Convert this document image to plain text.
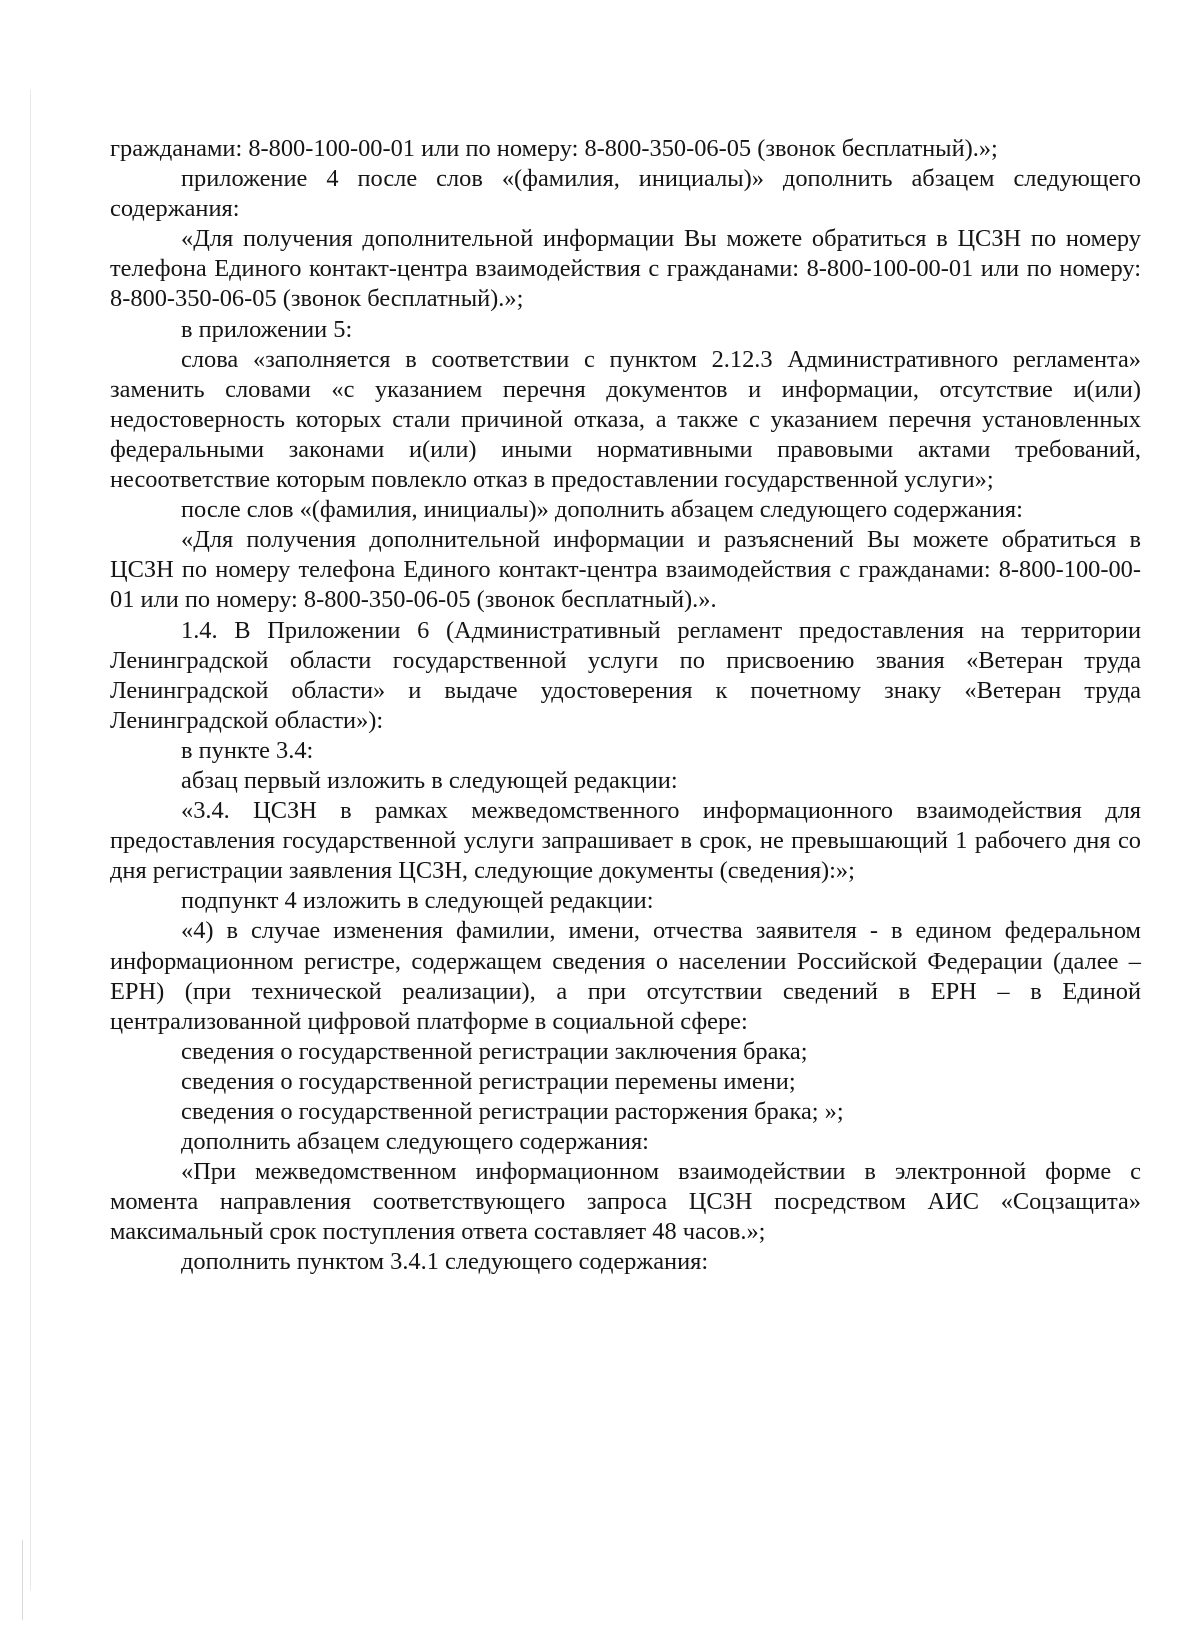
гражданами: 8-800-100-00-01 или по номеру: 8-800-350-06-05 (звонок бесплатный).»;

приложение 4 после слов «(фамилия, инициалы)» дополнить абзацем следующего содержания:

«Для получения дополнительной информации Вы можете обратиться в ЦСЗН по номеру телефона Единого контакт-центра взаимодействия с гражданами: 8-800-100-00-01 или по номеру: 8-800-350-06-05 (звонок бесплатный).»;

в приложении 5:

слова «заполняется в соответствии с пунктом 2.12.3 Административного регламента» заменить словами «с указанием перечня документов и информации, отсутствие и(или) недостоверность которых стали причиной отказа, а также с указанием перечня установленных федеральными законами и(или) иными нормативными правовыми актами требований, несоответствие которым повлекло отказ в предоставлении государственной услуги»;

после слов «(фамилия, инициалы)» дополнить абзацем следующего содержания:

«Для получения дополнительной информации и разъяснений Вы можете обратиться в ЦСЗН по номеру телефона Единого контакт-центра взаимодействия с гражданами: 8-800-100-00-01 или по номеру: 8-800-350-06-05 (звонок бесплатный).».

1.4. В Приложении 6 (Административный регламент предоставления на территории Ленинградской области государственной услуги по присвоению звания «Ветеран труда Ленинградской области» и выдаче удостоверения к почетному знаку «Ветеран труда Ленинградской области»):

в пункте 3.4:

абзац первый изложить в следующей редакции:

«3.4. ЦСЗН в рамках межведомственного информационного взаимодействия для предоставления государственной услуги запрашивает в срок, не превышающий 1 рабочего дня со дня регистрации заявления ЦСЗН, следующие документы (сведения):»;

подпункт 4 изложить в следующей редакции:

«4) в случае изменения фамилии, имени, отчества заявителя - в едином федеральном информационном регистре, содержащем сведения о населении Российской Федерации (далее – ЕРН) (при технической реализации), а при отсутствии сведений в ЕРН – в Единой централизованной цифровой платформе в социальной сфере:

сведения о государственной регистрации заключения брака;

сведения о государственной регистрации перемены имени;

сведения о государственной регистрации расторжения брака; »;

дополнить абзацем следующего содержания:

«При межведомственном информационном взаимодействии в электронной форме с момента направления соответствующего запроса ЦСЗН посредством АИС «Соцзащита» максимальный срок поступления ответа составляет 48 часов.»;

дополнить пунктом 3.4.1 следующего содержания:
